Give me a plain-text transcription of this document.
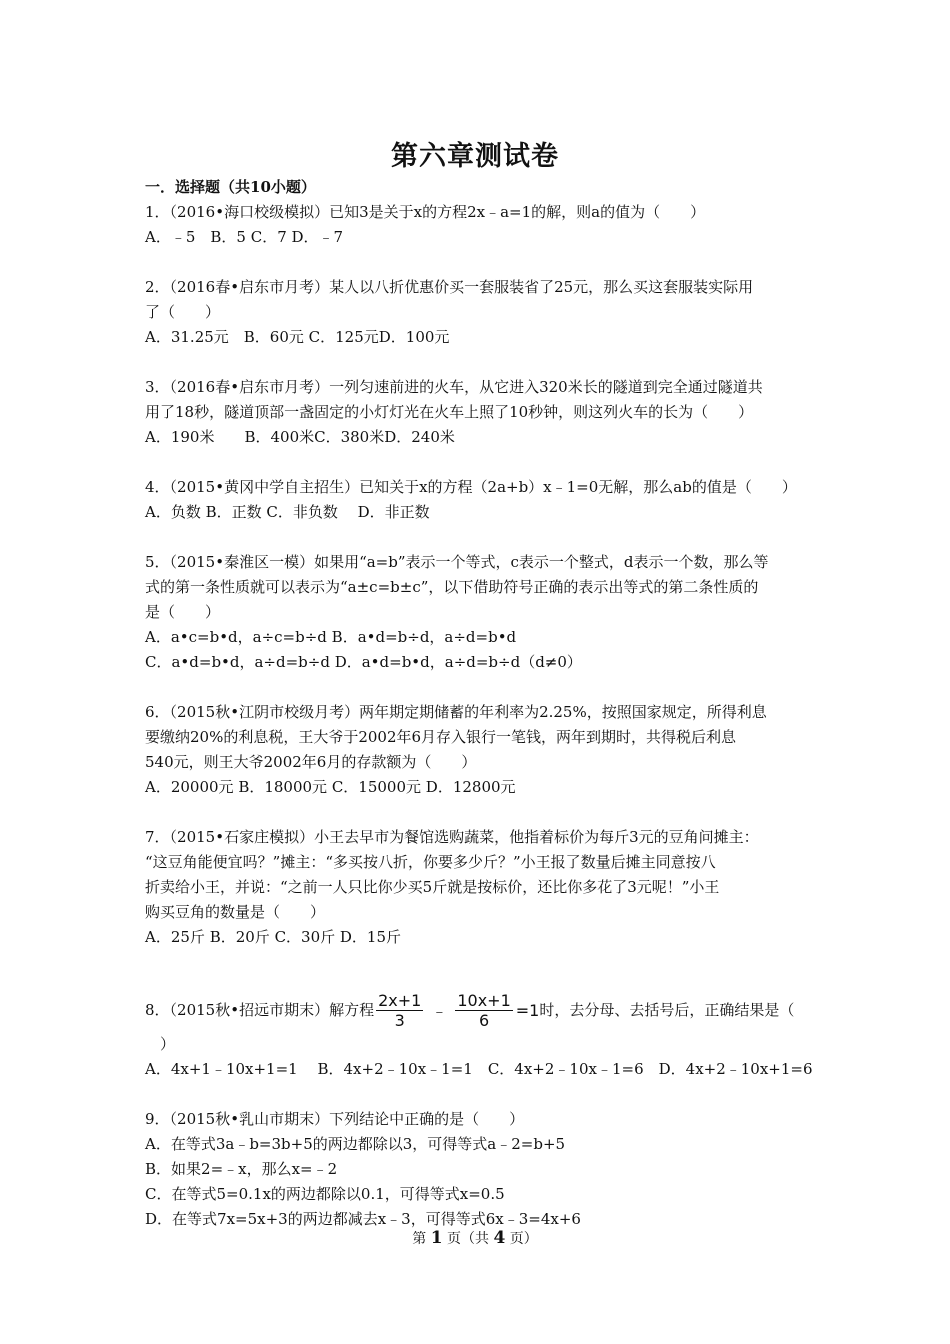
第六章测试卷
一．选择题（共10小题）
1．（2016•海口校级模拟）已知3是关于x的方程2x﹣a=1的解，则a的值为（　　）
A．﹣5　B．5 C．7 D．﹣7
2．（2016春•启东市月考）某人以八折优惠价买一套服装省了25元，那么买这套服装实际用
了（　　）
A．31.25元　B．60元 C．125元D．100元
3．（2016春•启东市月考）一列匀速前进的火车，从它进入320米长的隧道到完全通过隧道共
用了18秒，隧道顶部一盏固定的小灯灯光在火车上照了10秒钟，则这列火车的长为（　　）
A．190米　　B．400米C．380米D．240米
4．（2015•黄冈中学自主招生）已知关于x的方程（2a+b）x﹣1=0无解，那么ab的值是（　　）
A．负数 B．正数 C．非负数　 D．非正数
5．（2015•秦淮区一模）如果用“a=b”表示一个等式，c表示一个整式，d表示一个数，那么等
式的第一条性质就可以表示为“a±c=b±c”，以下借助符号正确的表示出等式的第二条性质的
是（　　）
A．a•c=b•d，a÷c=b÷d B．a•d=b÷d，a÷d=b•d
C．a•d=b•d，a÷d=b÷d D．a•d=b•d，a÷d=b÷d（d≠0）
6．（2015秋•江阴市校级月考）两年期定期储蓄的年利率为2.25%，按照国家规定，所得利息
要缴纳20%的利息税，王大爷于2002年6月存入银行一笔钱，两年到期时，共得税后利息
540元，则王大爷2002年6月的存款额为（　　）
A．20000元 B．18000元 C．15000元 D．12800元
7．（2015•石家庄模拟）小王去早市为餐馆选购蔬菜，他指着标价为每斤3元的豆角问摊主：
“这豆角能便宜吗？”摊主：“多买按八折，你要多少斤？”小王报了数量后摊主同意按八
折卖给小王，并说：“之前一人只比你少买5斤就是按标价，还比你多花了3元呢！”小王
购买豆角的数量是（　　）
A．25斤 B．20斤 C．30斤 D．15斤
8．（2015秋•招远市期末）解方程 $\frac{2x+1}{3}$ ﹣ $\frac{10x+1}{6} =1$ 时，去分母、去括号后，正确结果是（
　）
A．4x+1﹣10x+1=1　 B．4x+2﹣10x﹣1=1　C．4x+2﹣10x﹣1=6　D．4x+2﹣10x+1=6
9．（2015秋•乳山市期末）下列结论中正确的是（　　）
A．在等式3a﹣b=3b+5的两边都除以3，可得等式a﹣2=b+5
B．如果2=﹣x，那么x=﹣2
C．在等式5=0.1x的两边都除以0.1，可得等式x=0.5
D．在等式7x=5x+3的两边都减去x﹣3，可得等式6x﹣3=4x+6
第 1 页（共 4 页）
